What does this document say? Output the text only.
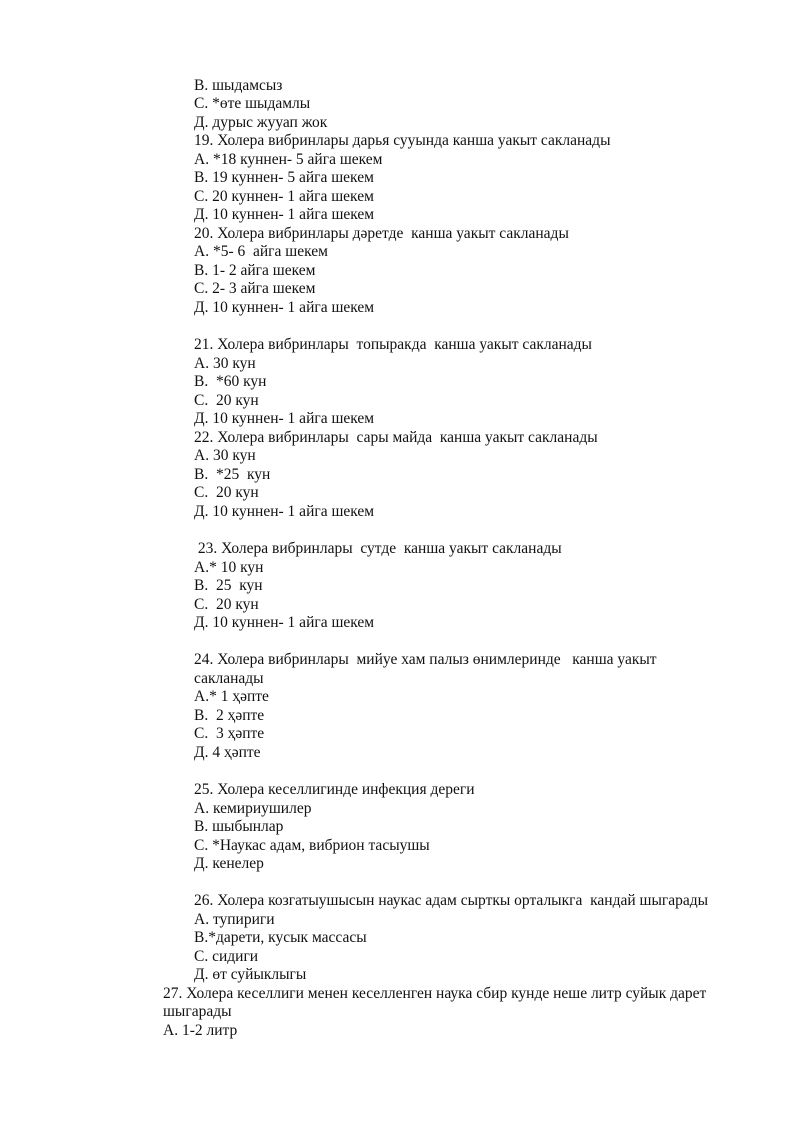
В. шыдамсыз
С. *өте шыдамлы
Д. дурыс жууап жок
19. Холера вибринлары дарья сууында канша уакыт сакланады
А. *18 куннен- 5 айга шекем
В. 19 куннен- 5 айга шекем
С. 20 куннен- 1 айга шекем
Д. 10 куннен- 1 айга шекем
20. Холера вибринлары дәретде  канша уакыт сакланады
А. *5- 6  айга шекем
В. 1- 2 айга шекем
С. 2- 3 айга шекем
Д. 10 куннен- 1 айга шекем
21. Холера вибринлары  топыракда  канша уакыт сакланады
А. 30 кун
В.  *60 кун
С.  20 кун
Д. 10 куннен- 1 айга шекем
22. Холера вибринлары  сары майда  канша уакыт сакланады
А. 30 кун
В.  *25  кун
С.  20 кун
Д. 10 куннен- 1 айга шекем
23. Холера вибринлары  сутде  канша уакыт сакланады
А.* 10 кун
В.  25  кун
С.  20 кун
Д. 10 куннен- 1 айга шекем
24. Холера вибринлары  мийуе хам палыз өнимлеринде   канша уакыт
сакланады
А.* 1 ҳәпте
В.  2 ҳәпте
С.  3 ҳәпте
Д. 4 ҳәпте
25. Холера кеселлигинде инфекция дереги
А. кемириушилер
В. шыбынлар
С. *Наукас адам, вибрион тасыушы
Д. кенелер
26. Холера козгатыушысын наукас адам сырткы орталыкга  кандай шыгарады
А. тупириги
В.*дарети, кусык массасы
С. сидиги
Д. өт суйыклыгы
27. Холера кеселлиги менен кеселленген наука сбир кунде неше литр суйык дарет
шыгарады
А. 1-2 литр
